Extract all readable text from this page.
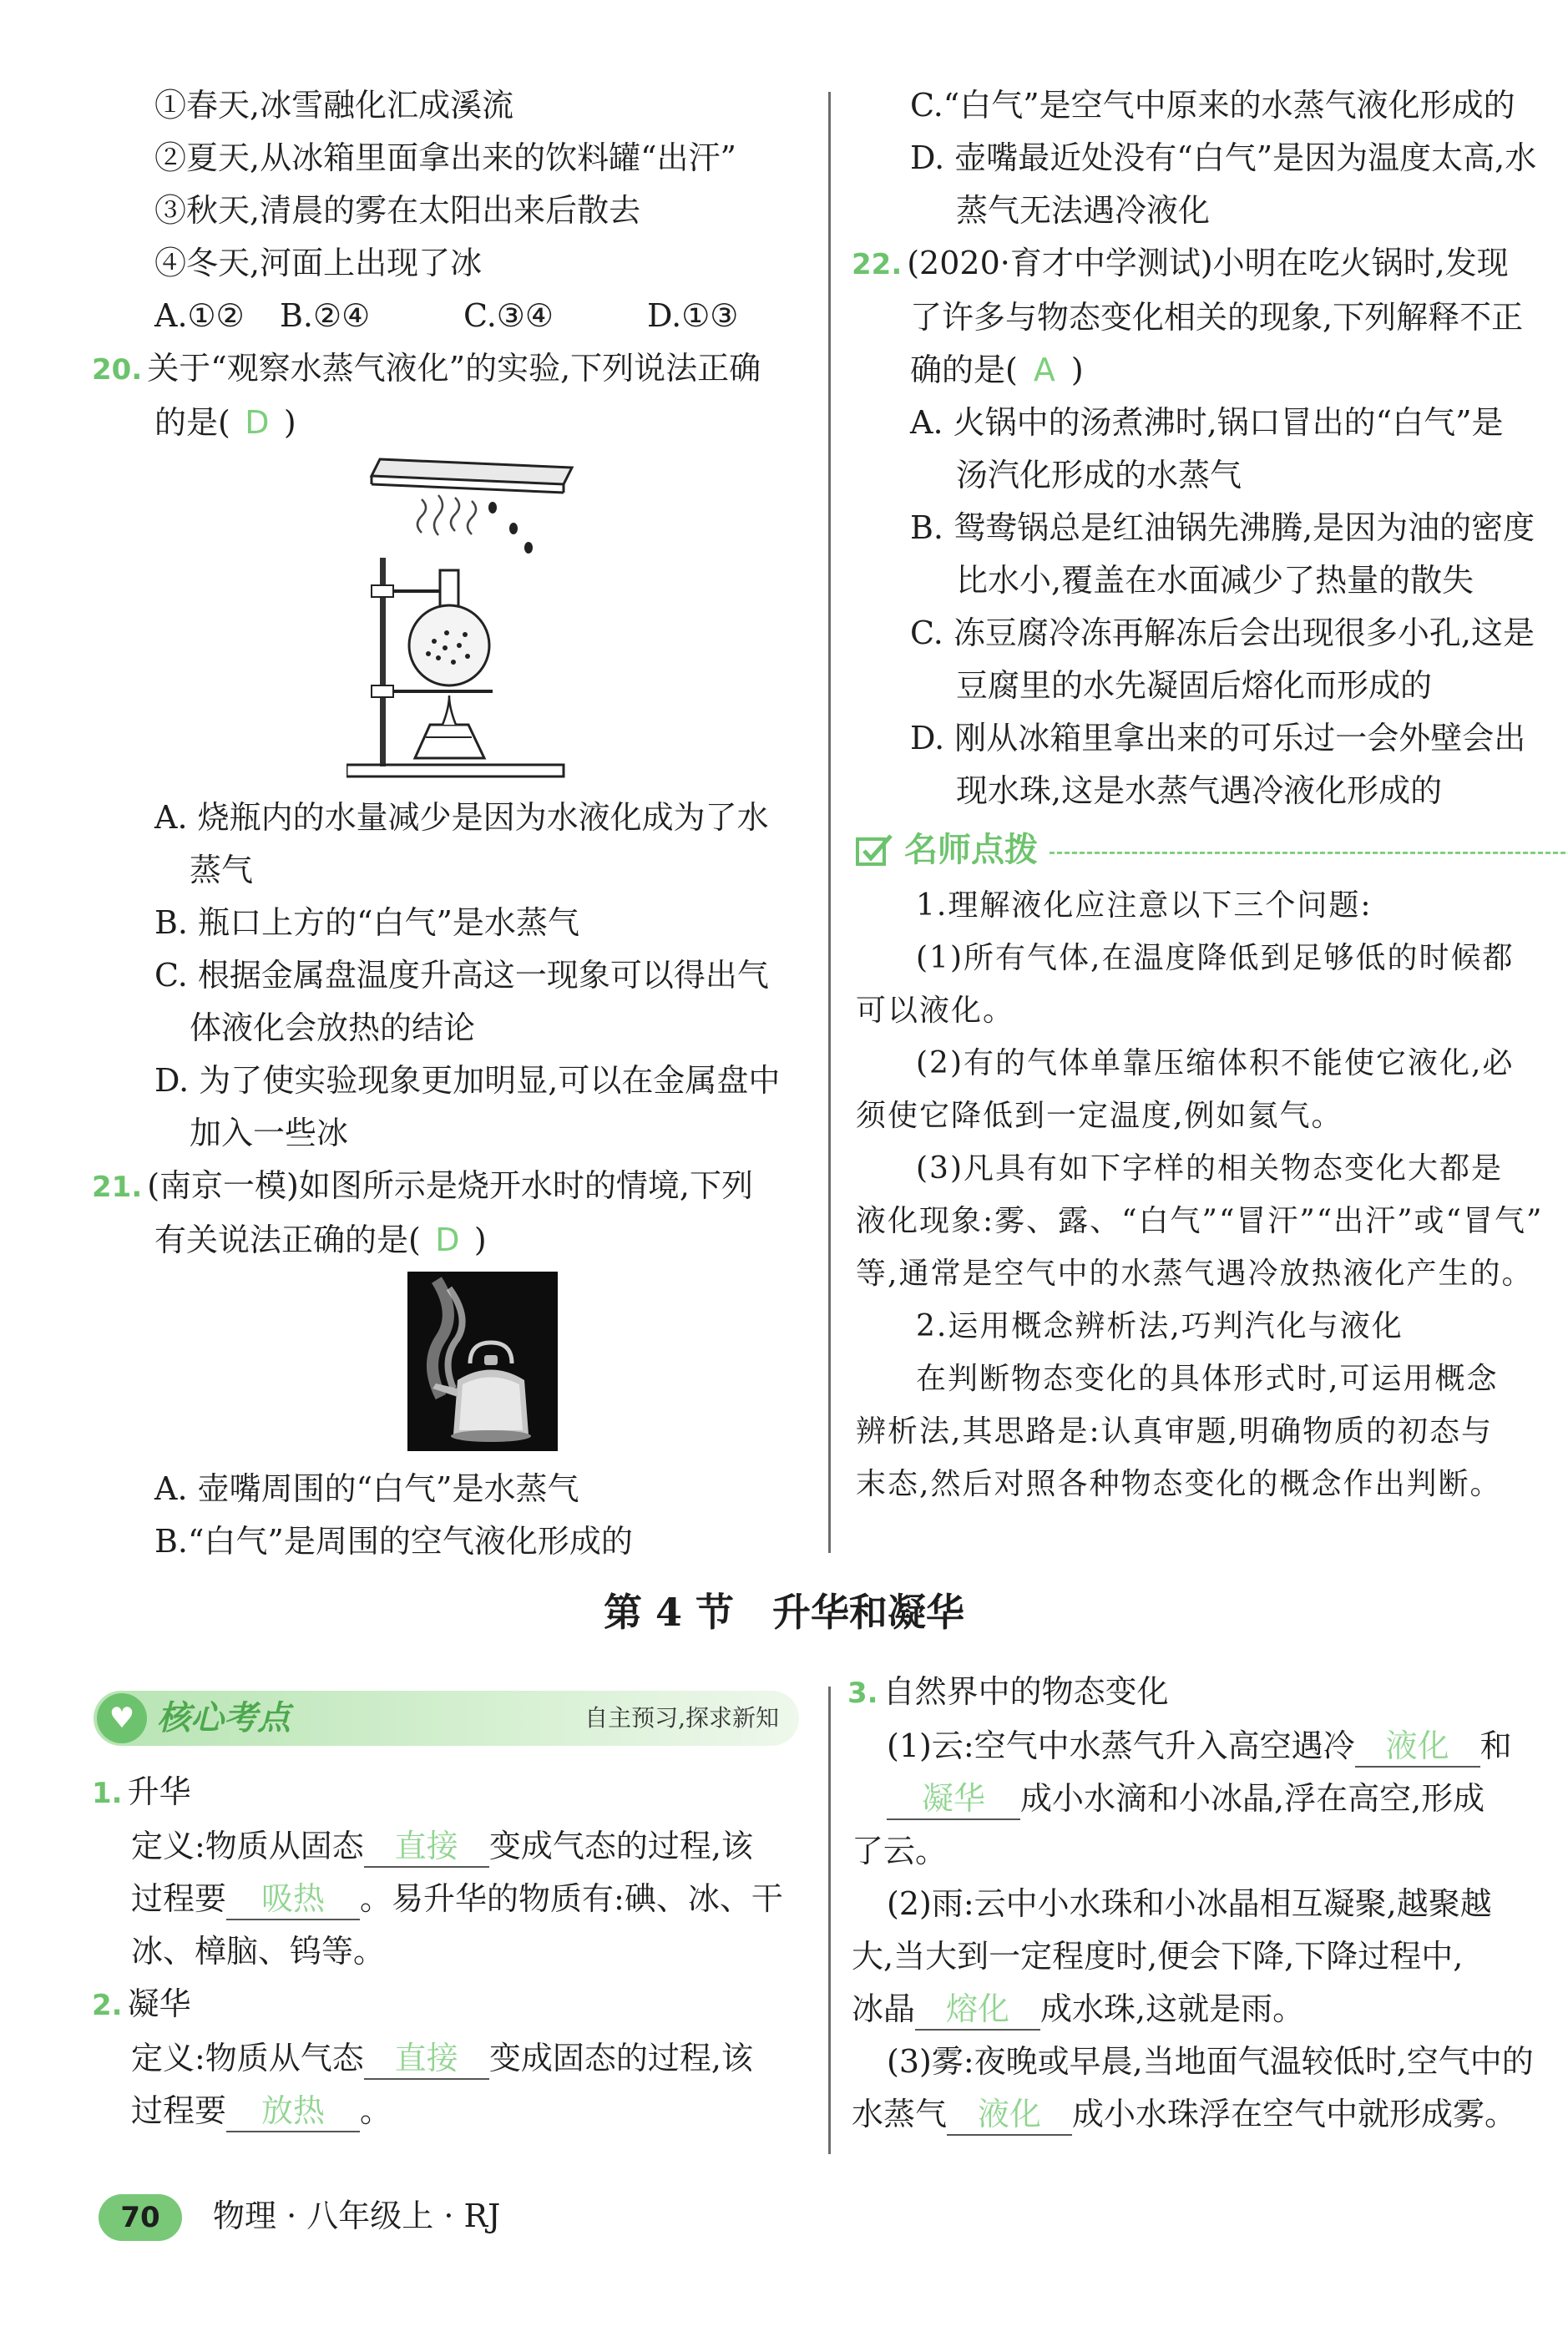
①春天,冰雪融化汇成溪流
②夏天,从冰箱里面拿出来的饮料罐“出汗”
③秋天,清晨的雾在太阳出来后散去
④冬天,河面上出现了冰
A.①② B.②④	C.③④	D.①③
20. 关于“观察水蒸气液化”的实验,下列说法正确
的是( D )
A. 烧瓶内的水量减少是因为水液化成为了水
蒸气
B. 瓶口上方的“白气”是水蒸气
C. 根据金属盘温度升高这一现象可以得出气
体液化会放热的结论
D. 为了使实验现象更加明显,可以在金属盘中
加入一些冰
21. (南京一模)如图所示是烧开水时的情境,下列
有关说法正确的是( D )
A. 壶嘴周围的“白气”是水蒸气
B.“白气”是周围的空气液化形成的
C.“白气”是空气中原来的水蒸气液化形成的
D. 壶嘴最近处没有“白气”是因为温度太高,水
蒸气无法遇冷液化
22. (2020·育才中学测试)小明在吃火锅时,发现
了许多与物态变化相关的现象,下列解释不正
确的是( A )
A. 火锅中的汤煮沸时,锅口冒出的“白气”是
汤汽化形成的水蒸气
B. 鸳鸯锅总是红油锅先沸腾,是因为油的密度
比水小,覆盖在水面减少了热量的散失
C. 冻豆腐冷冻再解冻后会出现很多小孔,这是
豆腐里的水先凝固后熔化而形成的
D. 刚从冰箱里拿出来的可乐过一会外壁会出
现水珠,这是水蒸气遇冷液化形成的
名师点拨
1.理解液化应注意以下三个问题:
(1)所有气体,在温度降低到足够低的时候都
可以液化。
(2)有的气体单靠压缩体积不能使它液化,必
须使它降低到一定温度,例如氦气。
(3)凡具有如下字样的相关物态变化大都是
液化现象:雾、露、“白气”“冒汗”“出汗”或“冒气”
等,通常是空气中的水蒸气遇冷放热液化产生的。
2.运用概念辨析法,巧判汽化与液化
在判断物态变化的具体形式时,可运用概念
辨析法,其思路是:认真审题,明确物质的初态与
末态,然后对照各种物态变化的概念作出判断。
第 4 节　升华和凝华
♥ 核心考点	自主预习,探求新知
1. 升华
定义:物质从固态 直接 变成气态的过程,该
过程要 吸热 。易升华的物质有:碘、冰、干
冰、樟脑、钨等。
2. 凝华
定义:物质从气态 直接 变成固态的过程,该
过程要 放热 。
3. 自然界中的物态变化
(1)云:空气中水蒸气升入高空遇冷 液化 和
凝华 成小水滴和小冰晶,浮在高空,形成
了云。
(2)雨:云中小水珠和小冰晶相互凝聚,越聚越
大,当大到一定程度时,便会下降,下降过程中,
冰晶 熔化 成水珠,这就是雨。
(3)雾:夜晚或早晨,当地面气温较低时,空气中的
水蒸气 液化 成小水珠浮在空气中就形成雾。
70	物理 · 八年级上 · RJ
